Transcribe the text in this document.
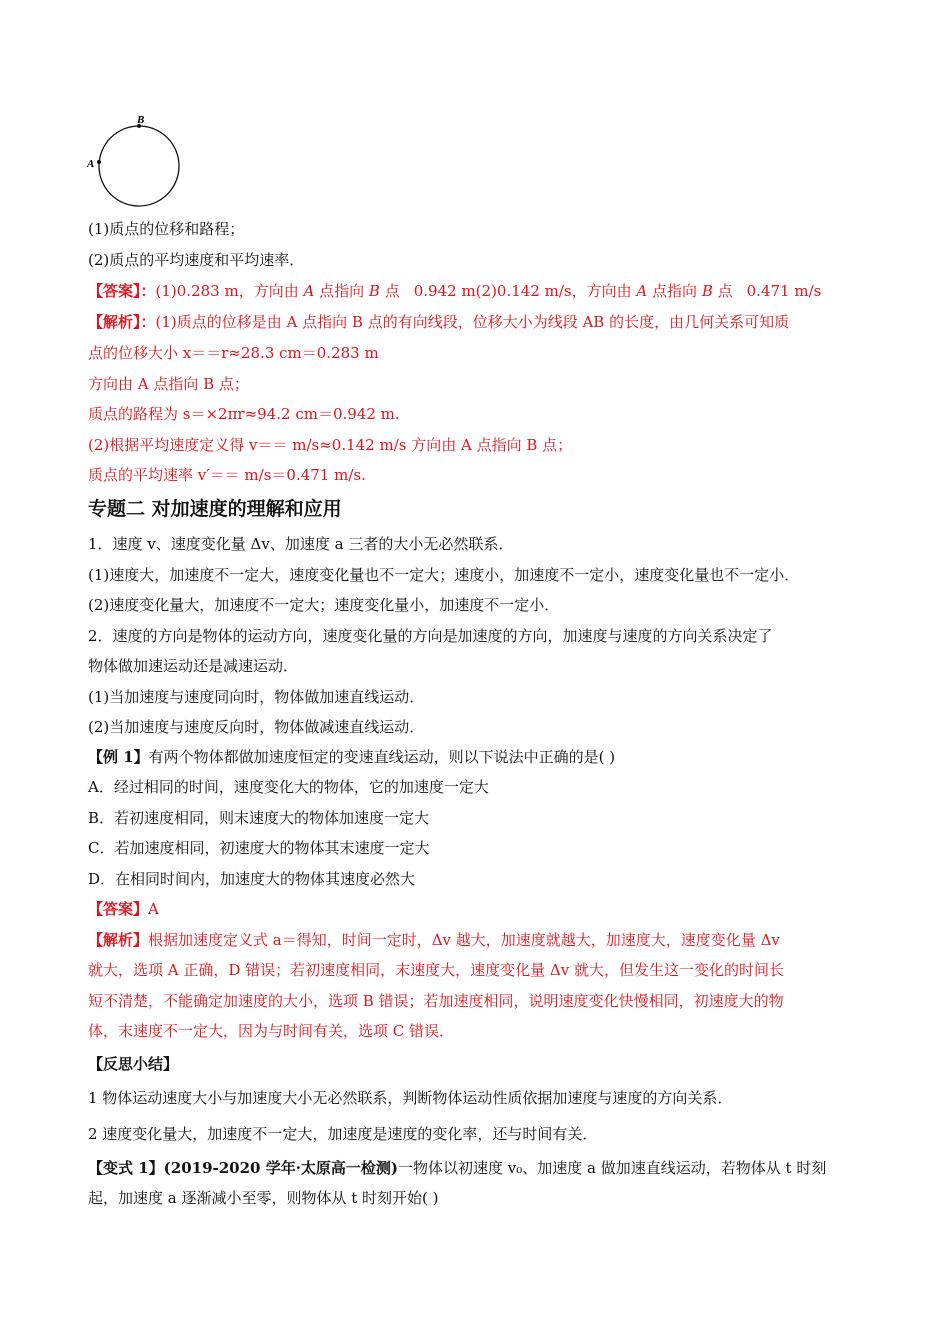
A
B
(1)质点的位移和路程；
(2)质点的平均速度和平均速率．
【答案】：(1)0.283 m，方向由 A 点指向 B 点 0.942 m(2)0.142 m/s，方向由 A 点指向 B 点 0.471 m/s
【解析】：(1)质点的位移是由 A 点指向 B 点的有向线段，位移大小为线段 AB 的长度，由几何关系可知质
点的位移大小 x＝＝r≈28.3 cm＝0.283 m
方向由 A 点指向 B 点；
质点的路程为 s＝×2πr≈94.2 cm＝0.942 m.
(2)根据平均速度定义得 v＝＝ m/s≈0.142 m/s 方向由 A 点指向 B 点；
质点的平均速率 v′＝＝ m/s＝0.471 m/s.
专题二 对加速度的理解和应用
1．速度 v、速度变化量 Δv、加速度 a 三者的大小无必然联系．
(1)速度大，加速度不一定大，速度变化量也不一定大；速度小，加速度不一定小，速度变化量也不一定小．
(2)速度变化量大，加速度不一定大；速度变化量小，加速度不一定小．
2．速度的方向是物体的运动方向，速度变化量的方向是加速度的方向，加速度与速度的方向关系决定了
物体做加速运动还是减速运动．
(1)当加速度与速度同向时，物体做加速直线运动．
(2)当加速度与速度反向时，物体做减速直线运动．
【例 1】有两个物体都做加速度恒定的变速直线运动，则以下说法中正确的是( )
A．经过相同的时间，速度变化大的物体，它的加速度一定大
B．若初速度相同，则末速度大的物体加速度一定大
C．若加速度相同，初速度大的物体其末速度一定大
D．在相同时间内，加速度大的物体其速度必然大
【答案】A
【解析】根据加速度定义式 a＝得知，时间一定时，Δv 越大，加速度就越大，加速度大，速度变化量 Δv
就大，选项 A 正确，D 错误；若初速度相同，末速度大，速度变化量 Δv 就大，但发生这一变化的时间长
短不清楚，不能确定加速度的大小，选项 B 错误；若加速度相同，说明速度变化快慢相同，初速度大的物
体，末速度不一定大，因为与时间有关，选项 C 错误．
【反思小结】
1 物体运动速度大小与加速度大小无必然联系，判断物体运动性质依据加速度与速度的方向关系．
2 速度变化量大，加速度不一定大，加速度是速度的变化率，还与时间有关．
【变式 1】(2019-2020 学年·太原高一检测)一物体以初速度 v₀、加速度 a 做加速直线运动，若物体从 t 时刻
起，加速度 a 逐渐减小至零，则物体从 t 时刻开始( )
